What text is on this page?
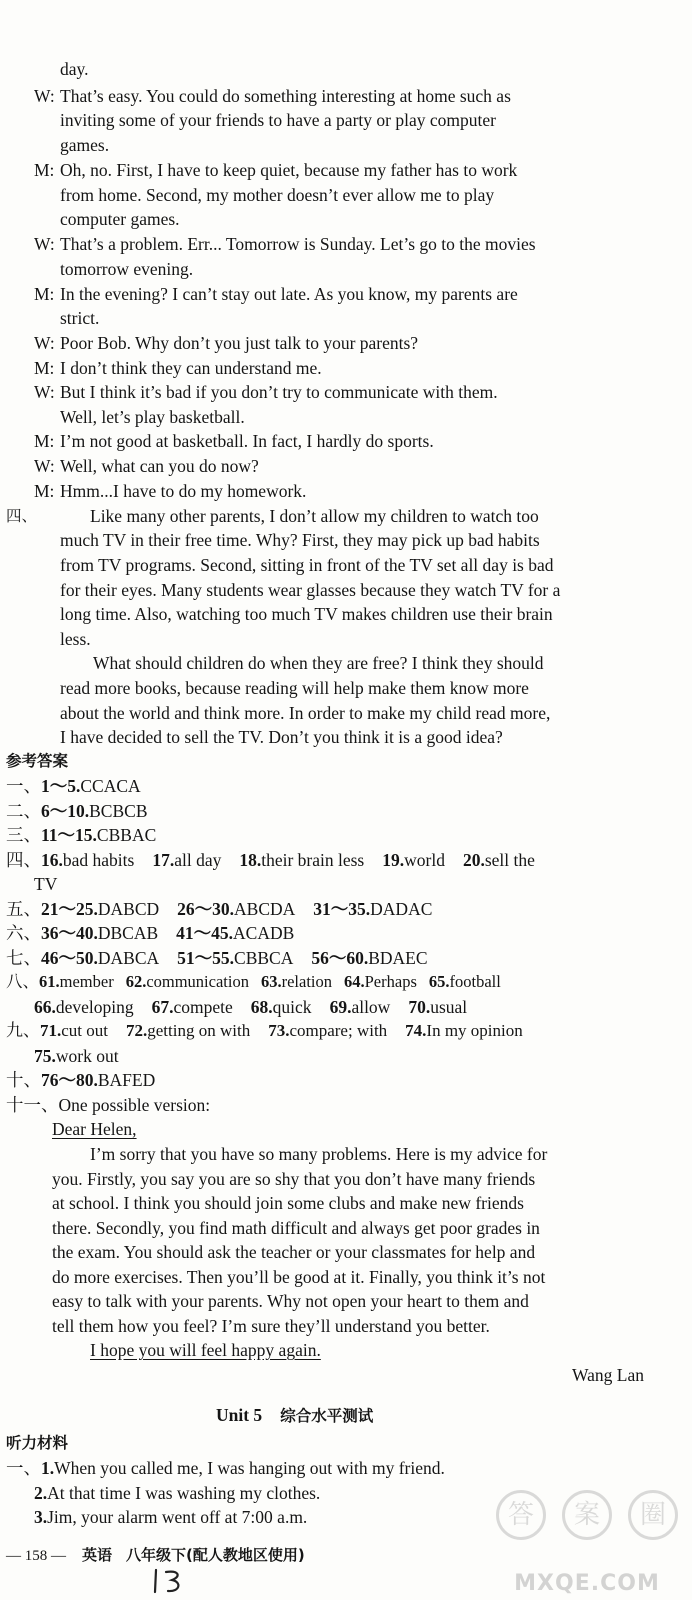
day.
W: That’s easy. You could do something interesting at home such as
inviting some of your friends to have a party or play computer
games.
M: Oh, no. First, I have to keep quiet, because my father has to work
from home. Second, my mother doesn’t ever allow me to play
computer games.
W: That’s a problem. Err... Tomorrow is Sunday. Let’s go to the movies
tomorrow evening.
M: In the evening? I can’t stay out late. As you know, my parents are
strict.
W: Poor Bob. Why don’t you just talk to your parents?
M: I don’t think they can understand me.
W: But I think it’s bad if you don’t try to communicate with them.
Well, let’s play basketball.
M: I’m not good at basketball. In fact, I hardly do sports.
W: Well, what can you do now?
M: Hmm...I have to do my homework.
四、	Like many other parents, I don’t allow my children to watch too
much TV in their free time. Why? First, they may pick up bad habits
from TV programs. Second, sitting in front of the TV set all day is bad
for their eyes. Many students wear glasses because they watch TV for a
long time. Also, watching too much TV makes children use their brain
less.
What should children do when they are free? I think they should
read more books, because reading will help make them know more
about the world and think more. In order to make my child read more,
I have decided to sell the TV. Don’t you think it is a good idea?
参考答案
一、1～5.CCACA
二、6～10.BCBCB
三、11～15.CBBAC
四、16.bad habits 17.all day 18.their brain less 19.world 20.sell the
TV
五、21～25.DABCD 26～30.ABCDA 31～35.DADAC
六、36～40.DBCAB 41～45.ACADB
七、46～50.DABCA 51～55.CBBCA 56～60.BDAEC
八、61.member 62.communication 63.relation 64.Perhaps 65.football
66.developing 67.compete 68.quick 69.allow 70.usual
九、71.cut out 72.getting on with 73.compare; with 74.In my opinion
75.work out
十、76～80.BAFED
十一、One possible version:
Dear Helen,
I’m sorry that you have so many problems. Here is my advice for
you. Firstly, you say you are so shy that you don’t have many friends
at school. I think you should join some clubs and make new friends
there. Secondly, you find math difficult and always get poor grades in
the exam. You should ask the teacher or your classmates for help and
do more exercises. Then you’ll be good at it. Finally, you think it’s not
easy to talk with your parents. Why not open your heart to them and
tell them how you feel? I’m sure they’ll understand you better.
I hope you will feel happy again.
Wang Lan
Unit 5 综合水平测试
听力材料
一、1.When you called me, I was hanging out with my friend.
2.At that time I was washing my clothes.
3.Jim, your alarm went off at 7:00 a.m.
— 158 — 英语 八年级下(配人教地区使用)
答	案	圈
MXQE.COM
